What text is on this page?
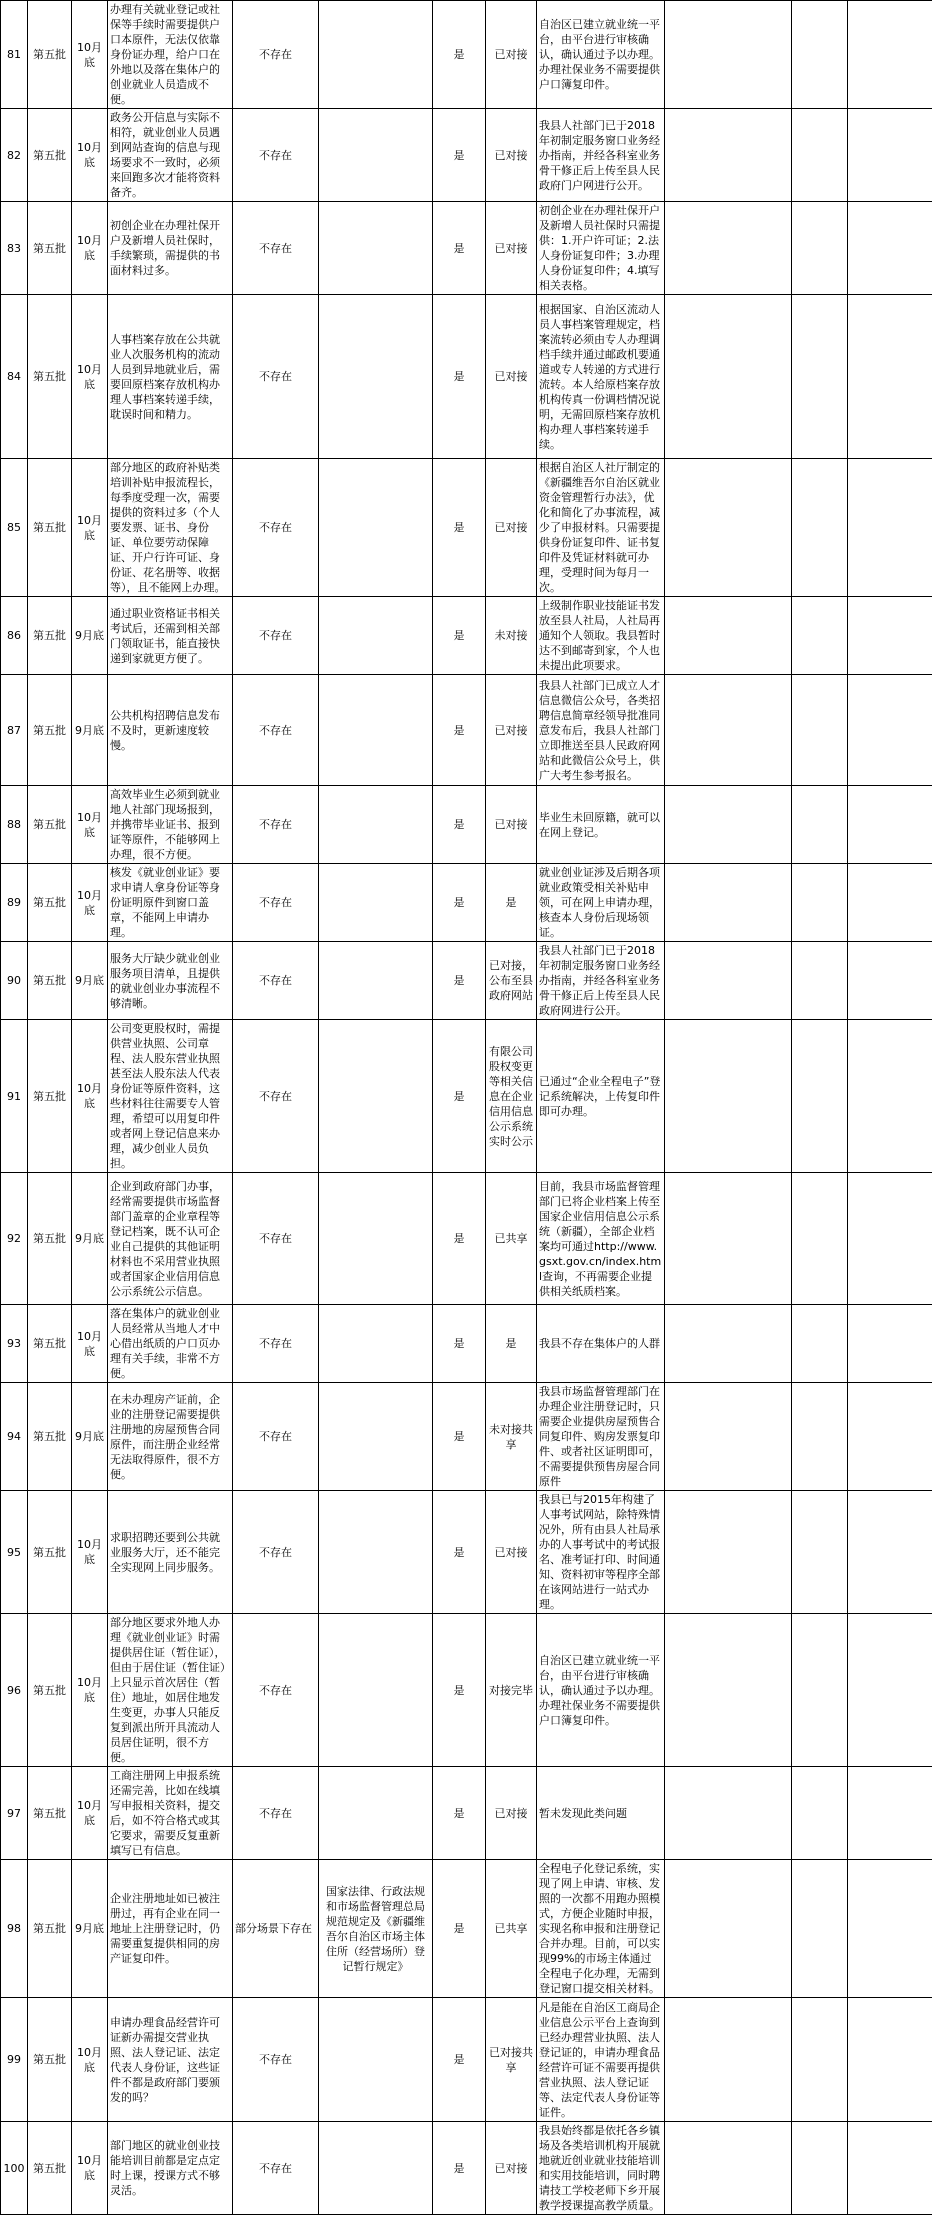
81	第五批	10月底	办理有关就业登记或社保等手续时需要提供户口本原件，无法仅依靠身份证办理，给户口在外地以及落在集体户的创业就业人员造成不便。	不存在		是	已对接	自治区已建立就业统一平台，由平台进行审核确认，确认通过予以办理。办理社保业务不需要提供户口簿复印件。			
82	第五批	10月底	政务公开信息与实际不相符，就业创业人员遇到网站查询的信息与现场要求不一致时，必须来回跑多次才能将资料备齐。	不存在		是	已对接	我县人社部门已于2018年初制定服务窗口业务经办指南，并经各科室业务骨干修正后上传至县人民政府门户网进行公开。			
83	第五批	10月底	初创企业在办理社保开户及新增人员社保时，手续繁琐，需提供的书面材料过多。	不存在		是	已对接	初创企业在办理社保开户及新增人员社保时只需提供：1.开户许可证；2.法人身份证复印件；3.办理人身份证复印件；4.填写相关表格。			
84	第五批	10月底	人事档案存放在公共就业人次服务机构的流动人员到异地就业后，需要回原档案存放机构办理人事档案转递手续，耽误时间和精力。	不存在		是	已对接	根据国家、自治区流动人员人事档案管理规定，档案流转必须由专人办理调档手续并通过邮政机要通道或专人转递的方式进行流转。本人给原档案存放机构传真一份调档情况说明，无需回原档案存放机构办理人事档案转递手续。			
85	第五批	10月底	部分地区的政府补贴类培训补贴申报流程长，每季度受理一次，需要提供的资料过多（个人要发票、证书、身份证、单位要劳动保障证、开户行许可证、身份证、花名册等、收据等），且不能网上办理。	不存在		是	已对接	根据自治区人社厅制定的《新疆维吾尔自治区就业资金管理暂行办法》，优化和简化了办事流程，减少了申报材料。只需要提供身份证复印件、证书复印件及凭证材料就可办理，受理时间为每月一次。			
86	第五批	9月底	通过职业资格证书相关考试后，还需到相关部门领取证书，能直接快递到家就更方便了。	不存在		是	未对接	上级制作职业技能证书发放至县人社局，人社局再通知个人领取。我县暂时达不到邮寄到家，个人也未提出此项要求。			
87	第五批	9月底	公共机构招聘信息发布不及时，更新速度较慢。	不存在		是	已对接	我县人社部门已成立人才信息微信公众号，各类招聘信息简章经领导批准同意发布后，我县人社部门立即推送至县人民政府网站和此微信公众号上，供广大考生参考报名。			
88	第五批	10月底	高效毕业生必须到就业地人社部门现场报到，并携带毕业证书、报到证等原件，不能够网上办理，很不方便。	不存在		是	已对接	毕业生未回原籍，就可以在网上登记。			
89	第五批	10月底	核发《就业创业证》要求申请人拿身份证等身份证明原件到窗口盖章，不能网上申请办理。	不存在		是	是	就业创业证涉及后期各项就业政策受相关补贴申领，可在网上申请办理，核查本人身份后现场领证。			
90	第五批	9月底	服务大厅缺少就业创业服务项目清单，且提供的就业创业办事流程不够清晰。	不存在		是	已对接，公布至县政府网站	我县人社部门已于2018年初制定服务窗口业务经办指南，并经各科室业务骨干修正后上传至县人民政府网进行公开。			
91	第五批	10月底	公司变更股权时，需提供营业执照、公司章程、法人股东营业执照甚至法人股东法人代表身份证等原件资料，这些材料往往需要专人管理，希望可以用复印件或者网上登记信息来办理，减少创业人员负担。	不存在		是	有限公司股权变更等相关信息在企业信用信息公示系统实时公示	已通过“企业全程电子”登记系统解决，上传复印件即可办理。			
92	第五批	9月底	企业到政府部门办事，经常需要提供市场监督部门盖章的企业章程等登记档案，既不认可企业自己提供的其他证明材料也不采用营业执照或者国家企业信用信息公示系统公示信息。	不存在		是	已共享	目前，我县市场监督管理部门已将企业档案上传至国家企业信用信息公示系统（新疆），全部企业档案均可通过http://www.gsxt.gov.cn/index.html查询，不再需要企业提供相关纸质档案。			
93	第五批	10月底	落在集体户的就业创业人员经常从当地人才中心借出纸质的户口页办理有关手续，非常不方便。	不存在		是	是	我县不存在集体户的人群			
94	第五批	9月底	在未办理房产证前，企业的注册登记需要提供注册地的房屋预售合同原件，而注册企业经常无法取得原件，很不方便。	不存在		是	未对接共享	我县市场监督管理部门在办理企业注册登记时，只需要企业提供房屋预售合同复印件、购房发票复印件、或者社区证明即可，不需要提供预售房屋合同原件			
95	第五批	10月底	求职招聘还要到公共就业服务大厅，还不能完全实现网上同步服务。	不存在		是	已对接	我县已与2015年构建了人事考试网站，除特殊情况外，所有由县人社局承办的人事考试中的考试报名、准考证打印、时间通知、资料初审等程序全部在该网站进行一站式办理。			
96	第五批	10月底	部分地区要求外地人办理《就业创业证》时需提供居住证（暂住证），但由于居住证（暂住证）上只显示首次居住（暂住）地址，如居住地发生变更，办事人只能反复到派出所开具流动人员居住证明，很不方便。	不存在		是	对接完毕	自治区已建立就业统一平台，由平台进行审核确认，确认通过予以办理。办理社保业务不需要提供户口簿复印件。			
97	第五批	10月底	工商注册网上申报系统还需完善，比如在线填写申报相关资料，提交后，如不符合格式或其它要求，需要反复重新填写已有信息。	不存在		是	已对接	暂未发现此类问题			
98	第五批	9月底	企业注册地址如已被注册过，再有企业在同一地址上注册登记时，仍需要重复提供相同的房产证复印件。	部分场景下存在	国家法律、行政法规和市场监督管理总局规范规定及《新疆维吾尔自治区市场主体住所（经营场所）登记暂行规定》	是	已共享	全程电子化登记系统，实现了网上申请、审核、发照的一次都不用跑办照模式，方便企业随时申报，实现名称申报和注册登记合并办理。目前，可以实现99%的市场主体通过全程电子化办理，无需到登记窗口提交相关材料。			
99	第五批	10月底	申请办理食品经营许可证新办需提交营业执照、法人登记证、法定代表人身份证，这些证件不都是政府部门要颁发的吗？	不存在		是	已对接共享	凡是能在自治区工商局企业信息公示平台上查询到已经办理营业执照、法人登记证的，申请办理食品经营许可证不需要再提供营业执照、法人登记证等、法定代表人身份证等证件。			
100	第五批	10月底	部门地区的就业创业技能培训目前都是定点定时上课，授课方式不够灵活。	不存在		是	已对接	我县始终都是依托各乡镇场及各类培训机构开展就地就近创业就业技能培训和实用技能培训，同时聘请技工学校老师下乡开展教学授课提高教学质量。			
